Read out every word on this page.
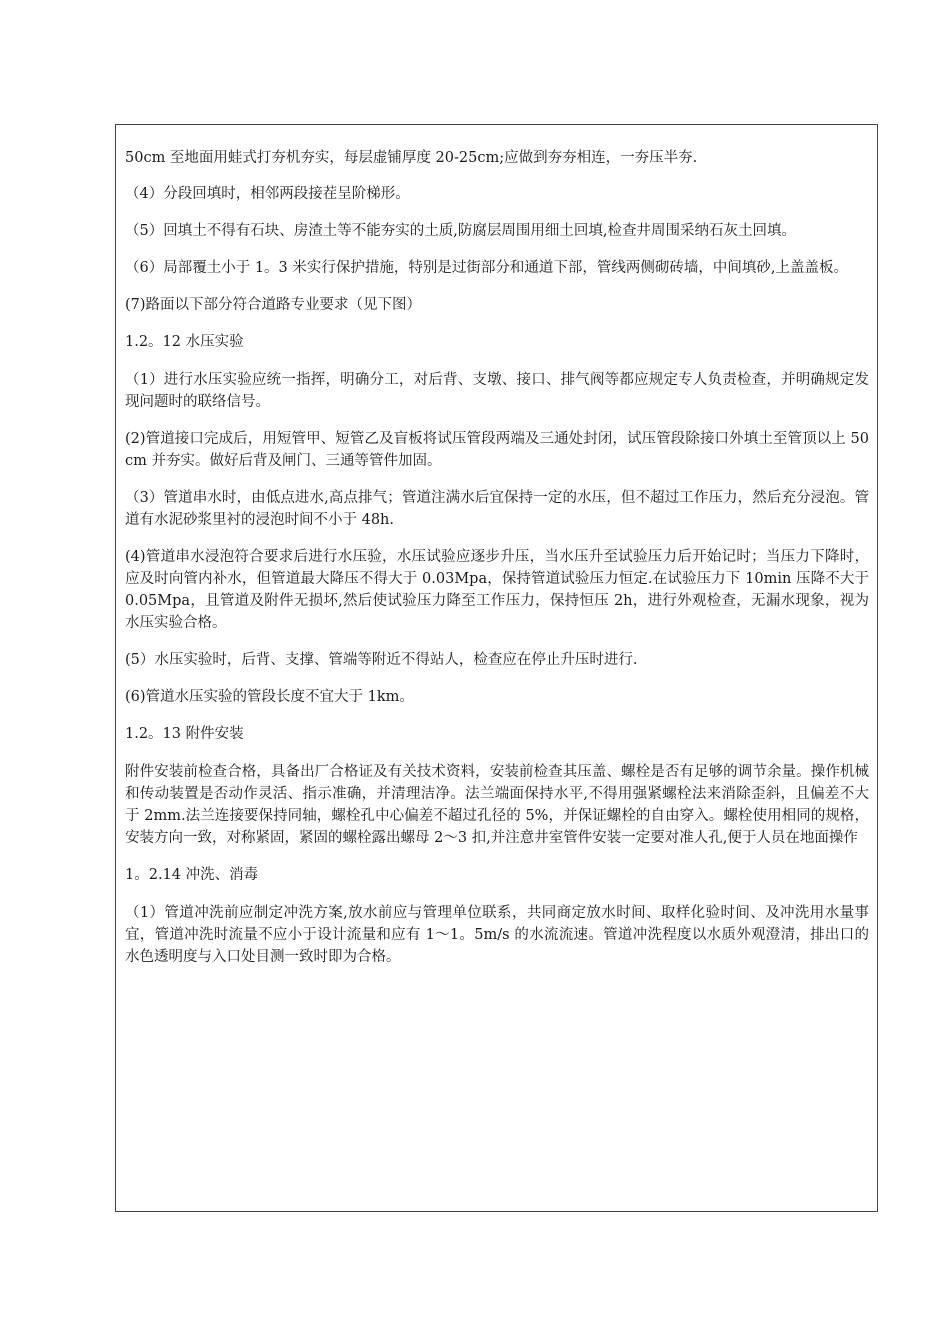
50cm 至地面用蛙式打夯机夯实，每层虚铺厚度 20-25cm;应做到夯夯相连，一夯压半夯.

（4）分段回填时，相邻两段接茬呈阶梯形。

（5）回填土不得有石块、房渣土等不能夯实的土质,防腐层周围用细土回填,检查井周围采纳石灰土回填。

（6）局部覆土小于 1。3 米实行保护措施，特别是过街部分和通道下部，管线两侧砌砖墙，中间填砂,上盖盖板。

(7)路面以下部分符合道路专业要求（见下图）

1.2。12 水压实验

（1）进行水压实验应统一指挥，明确分工，对后背、支墩、接口、排气阀等都应规定专人负责检查，并明确规定发现问题时的联络信号。

(2)管道接口完成后，用短管甲、短管乙及盲板将试压管段两端及三通处封闭，试压管段除接口外填土至管顶以上 50cm 并夯实。做好后背及闸门、三通等管件加固。

（3）管道串水时，由低点进水,高点排气；管道注满水后宜保持一定的水压，但不超过工作压力，然后充分浸泡。管道有水泥砂浆里衬的浸泡时间不小于 48h.

(4)管道串水浸泡符合要求后进行水压验，水压试验应逐步升压，当水压升至试验压力后开始记时；当压力下降时，应及时向管内补水，但管道最大降压不得大于 0.03Mpa，保持管道试验压力恒定.在试验压力下 10min 压降不大于 0.05Mpa，且管道及附件无损坏,然后使试验压力降至工作压力，保持恒压 2h，进行外观检查，无漏水现象，视为水压实验合格。

(5）水压实验时，后背、支撑、管端等附近不得站人，检查应在停止升压时进行.

(6)管道水压实验的管段长度不宜大于 1km。

1.2。13 附件安装

附件安装前检查合格，具备出厂合格证及有关技术资料，安装前检查其压盖、螺栓是否有足够的调节余量。操作机械和传动装置是否动作灵活、指示准确，并清理洁净。法兰端面保持水平,不得用强紧螺栓法来消除歪斜，且偏差不大于 2mm.法兰连接要保持同轴，螺栓孔中心偏差不超过孔径的 5%，并保证螺栓的自由穿入。螺栓使用相同的规格，安装方向一致，对称紧固，紧固的螺栓露出螺母 2～3 扣,并注意井室管件安装一定要对准人孔,便于人员在地面操作

1。2.14 冲洗、消毒

（1）管道冲洗前应制定冲洗方案,放水前应与管理单位联系，共同商定放水时间、取样化验时间、及冲洗用水量事宜，管道冲洗时流量不应小于设计流量和应有 1～1。5m/s 的水流流速。管道冲洗程度以水质外观澄清，排出口的水色透明度与入口处目测一致时即为合格。
